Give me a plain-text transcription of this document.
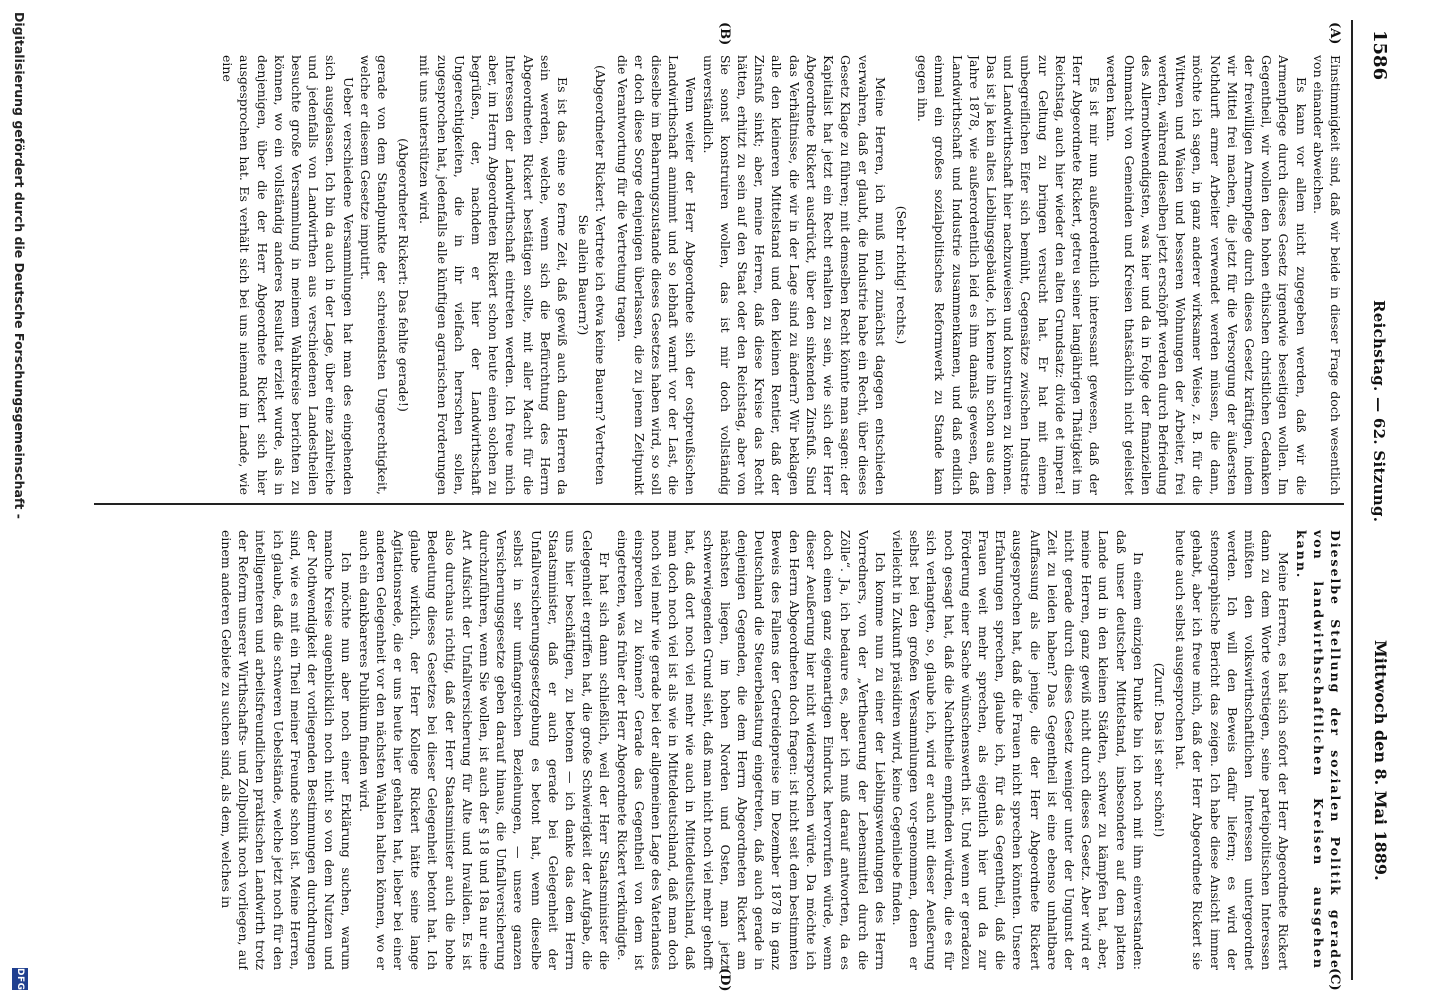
1586
Reichstag. — 62. Sitzung.
Mittwoch den 8. Mai 1889.
(A)
(B)
(C)
(D)

Einstimmigkeit sind, daß wir beide in dieser Frage doch wesentlich von einander abweichen.

Es kann vor allem nicht zugegeben werden, daß wir die Armenpflege durch dieses Gesetz irgendwie beseitigen wollen. Im Gegentheil, wir wollen den hohen ethischen christlichen Gedanken der freiwilligen Armenpflege durch dieses Gesetz kräftigen, indem wir Mittel frei machen, die jetzt für die Versorgung der äußersten Nothdurft armer Arbeiter verwendet werden müssen, die dann, möchte ich sagen, in ganz anderer wirksamer Weise, z. B. für die Wittwen und Waisen und besseren Wohnungen der Arbeiter, frei werden, während dieselben jetzt erschöpft werden durch Befriedung des Allernothwendigsten, was hier und da in Folge der finanziellen Ohnmacht von Gemeinden und Kreisen thatsächlich nicht geleistet werden kann.

Es ist mir nun außerordentlich interessant gewesen, daß der Herr Abgeordnete Rickert, getreu seiner langjährigen Thätigkeit im Reichstag, auch hier wieder den alten Grundsatz: divide et impera! zur Geltung zu bringen versucht hat. Er hat mit einem unbegreiflichen Eifer sich bemüht, Gegensätze zwischen Industrie und Landwirthschaft hier nachzuweisen und konstruiren zu können. Das ist ja kein altes Lieblingsgebäude, ich kenne ihn schon aus dem Jahre 1878, wie außerordentlich leid es ihm damals gewesen, daß Landwirthschaft und Industrie zusammenkamen, und daß endlich einmal ein großes sozialpolitisches Reformwerk zu Stande kam gegen ihn.

(Sehr richtig! rechts.)

Meine Herren, ich muß mich zunächst dagegen entschieden verwahren, daß er glaubt, die Industrie habe ein Recht, über dieses Gesetz Klage zu führen; mit demselben Recht könnte man sagen: der Kapitalist hat jetzt ein Recht erhalten zu sein, wie sich der Herr Abgeordnete Rickert ausdrückt, über den sinkenden Zinsfuß. Sind das Verhältnisse, die wir in der Lage sind zu ändern? Wir beklagen alle den kleineren Mittelstand und den kleinen Rentier, daß der Zinsfuß sinkt; aber, meine Herren, daß diese Kreise das Recht hätten, erhitzt zu sein auf den Staat oder den Reichstag, aber von Sie sonst konstruiren wollen, das ist mir doch vollständig unverständlich.

Wenn weiter der Herr Abgeordnete sich der ostpreußischen Landwirthschaft annimmt und so lebhaft warnt vor der Last, die dieselbe im Beharrungszustande dieses Gesetzes haben wird, so soll er doch diese Sorge denjenigen überlassen, die zu jenem Zeitpunkt die Verantwortung für die Vertretung tragen.

(Abgeordneter Rickert: Vertrete ich etwa keine Bauern? Vertreten Sie allein Bauern?)

Es ist das eine so ferne Zeit, daß gewiß auch dann Herren da sein werden, welche, wenn sich die Befürchtung des Herrn Abgeordneten Rickert bestätigen sollte, mit aller Macht für die Interessen der Landwirthschaft eintreten werden. Ich freue mich aber, im Herrn Abgeordneten Rickert schon heute einen solchen zu begrüßen, der, nachdem er hier der Landwirthschaft Ungerechtigkeiten, die in ihr vielfach herrschen sollen, zugesprochen hat, jedenfalls alle künftigen agrarischen Forderungen mit uns unterstützen wird.

(Abgeordneter Rickert: Das fehlte gerade!)

gerade von dem Standpunkte der schreiendsten Ungerechtigkeit, welche er diesem Gesetze imputirt.

Ueber verschiedene Versammlungen hat man des eingehenden sich ausgelassen. Ich bin da auch in der Lage, über eine zahlreiche und jedenfalls von Landwirthen aus verschiedenen Landestheilen besuchte große Versammlung in meinem Wahlkreise berichten zu können, wo ein vollständig anderes Resultat erzielt wurde, als in denjenigen, über die der Herr Abgeordnete Rickert sich hier ausgesprochen hat. Es verhält sich bei uns niemand im Lande, wie eine

Dieselbe Stellung der sozialen Politik gerade von landwirthschaftlichen Kreisen ausgehen kann.

Meine Herren, es hat sich sofort der Herr Abgeordnete Rickert dann zu dem Worte verstiegen, seine parteipolitischen Interessen müßten den volkswirthschaftlichen Interessen untergeordnet werden. Ich will den Beweis dafür liefern; es wird der stenographische Bericht das zeigen. Ich habe diese Ansicht immer gehabt, aber ich freue mich, daß der Herr Abgeordnete Rickert sie heute auch selbst ausgesprochen hat.

(Zuruf: Das ist sehr schön!)

In einem einzigen Punkte bin ich noch mit ihm einverstanden: daß unser deutscher Mittelstand, insbesondere auf dem platten Lande und in den kleinen Städten, schwer zu kämpfen hat, aber, meine Herren, ganz gewiß nicht durch dieses Gesetz. Aber wird er nicht gerade durch dieses Gesetz weniger unter der Ungunst der Zeit zu leiden haben? Das Gegentheil ist eine ebenso unhaltbare Auffassung als die jenige, die der Herr Abgeordnete Rickert ausgesprochen hat, daß die Frauen nicht sprechen könnten. Unsere Erfahrungen sprechen, glaube ich, für das Gegentheil, daß die Frauen weit mehr sprechen, als eigentlich hier und da zur Förderung einer Sache wünschenswerth ist. Und wenn er geradezu noch gesagt hat, daß die Nachtheile empfinden würden, die es für sich verlangten, so, glaube ich, wird er auch mit dieser Aeußerung selbst bei den großen Versammlungen vor-genommen, denen er vielleicht in Zukunft präsidiren wird, keine Gegenliebe finden.

Ich komme nun zu einer der Lieblingswendungen des Herrn Vorredners, von der „Vertheuerung der Lebensmittel durch die Zölle“. Ja, ich bedaure es, aber ich muß darauf antworten, da es doch einen ganz eigenartigen Eindruck hervorrufen würde, wenn dieser Aeußerung hier nicht widersprochen würde. Da möchte ich den Herrn Abgeordneten doch fragen: ist nicht seit dem bestimmten Beweis des Fallens der Getreidepreise im Dezember 1878 in ganz Deutschland die Steuerbelastung eingetreten, daß auch gerade in denjenigen Gegenden, die dem Herrn Abgeordneten Rickert am nächsten liegen, im hohen Norden und Osten, man jetzt schwerwiegenden Grund sieht, daß man nicht noch viel mehr gehofft hat, daß dort noch viel mehr wie auch in Mitteldeutschland, daß man doch noch viel ist als wie in Mitteldeutschland, daß man doch noch viel mehr wie gerade bei der allgemeinen Lage des Vaterlandes einsprechen zu können? Gerade das Gegentheil von dem ist eingetreten, was früher der Herr Abgeordnete Rickert verkündigte.

Er hat sich dann schließlich, weil der Herr Staatsminister die Gelegenheit ergriffen hat, die große Schwierigkeit der Aufgabe, die uns hier beschäftigen, zu betonen — ich danke das dem Herrn Staatsminister, daß er auch gerade bei Gelegenheit der Unfallversicherungsgesetzgebung es betont hat, wenn dieselbe selbst in sehr umfangreichen Beziehungen, — unsere ganzen Versicherungsgesetze geben darauf hinaus, die Unfallversicherung durchzuführen, wenn Sie wollen, ist auch der § 18 und 18a nur eine Art Aufsicht der Unfallversicherung für Alte und Invaliden. Es ist also durchaus richtig, daß der Herr Staatsminister auch die hohe Bedeutung dieses Gesetzes bei dieser Gelegenheit betont hat. Ich glaube wirklich, der Herr Kollege Rickert hätte seine lange Agitationsrede, die er uns heute hier gehalten hat, lieber bei einer anderen Gelegenheit vor den nächsten Wahlen halten können, wo er auch ein dankbareres Publikum finden wird.

Ich möchte nun aber noch einer Erklärung suchen, warum manche Kreise augenblicklich noch nicht so von dem Nutzen und der Nothwendigkeit der vorliegenden Bestimmungen durchdrungen sind, wie es mit ein Theil meiner Freunde schon ist. Meine Herren, ich glaube, daß die schweren Uebelstände, welche jetzt noch für den intelligenteren und arbeitsfreundlichen praktischen Landwirth trotz der Reform unserer Wirthschafts- und Zollpolitik noch vorliegen, auf einem anderen Gebiete zu suchen sind, als dem, welches in

Digitalisierung gefördert durch die Deutsche Forschungsgemeinschaft -
DFG
